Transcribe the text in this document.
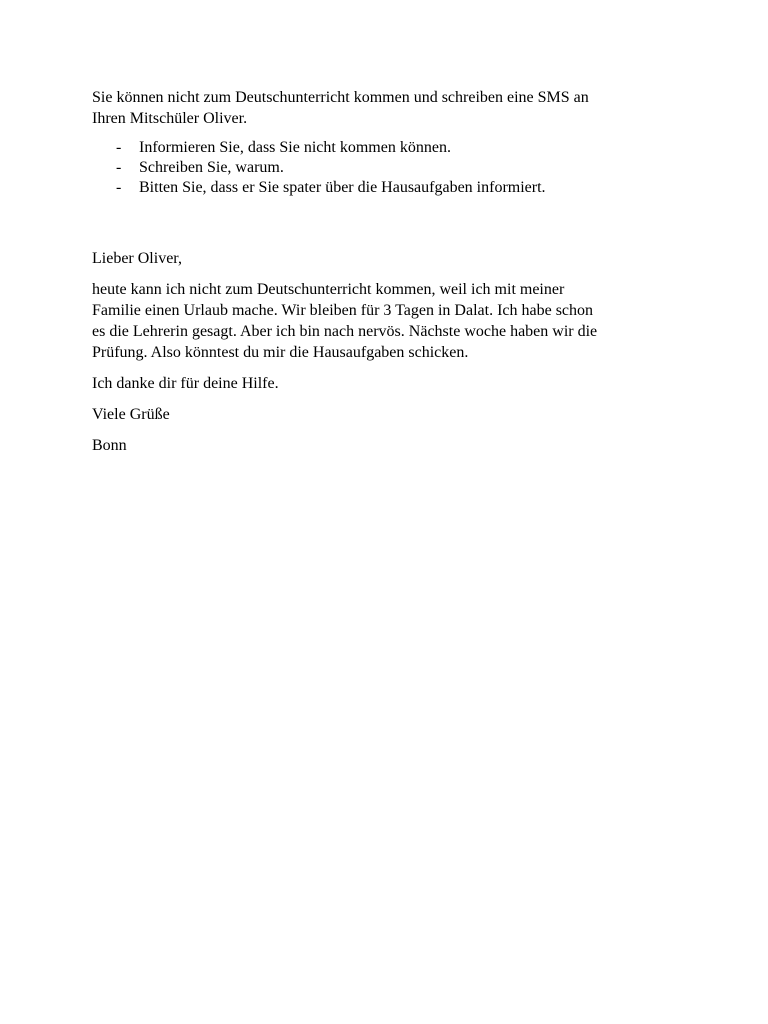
Sie können nicht zum Deutschunterricht kommen und schreiben eine SMS an
Ihren Mitschüler Oliver.

-	Informieren Sie, dass Sie nicht kommen können.
-	Schreiben Sie, warum.
-	Bitten Sie, dass er Sie spater über die Hausaufgaben informiert.

Lieber Oliver,

heute kann ich nicht zum Deutschunterricht kommen, weil ich mit meiner
Familie einen Urlaub mache. Wir bleiben für 3 Tagen in Dalat. Ich habe schon
es die Lehrerin gesagt. Aber ich bin nach nervös. Nächste woche haben wir die
Prüfung. Also könntest du mir die Hausaufgaben schicken.

Ich danke dir für deine Hilfe.

Viele Grüße

Bonn
